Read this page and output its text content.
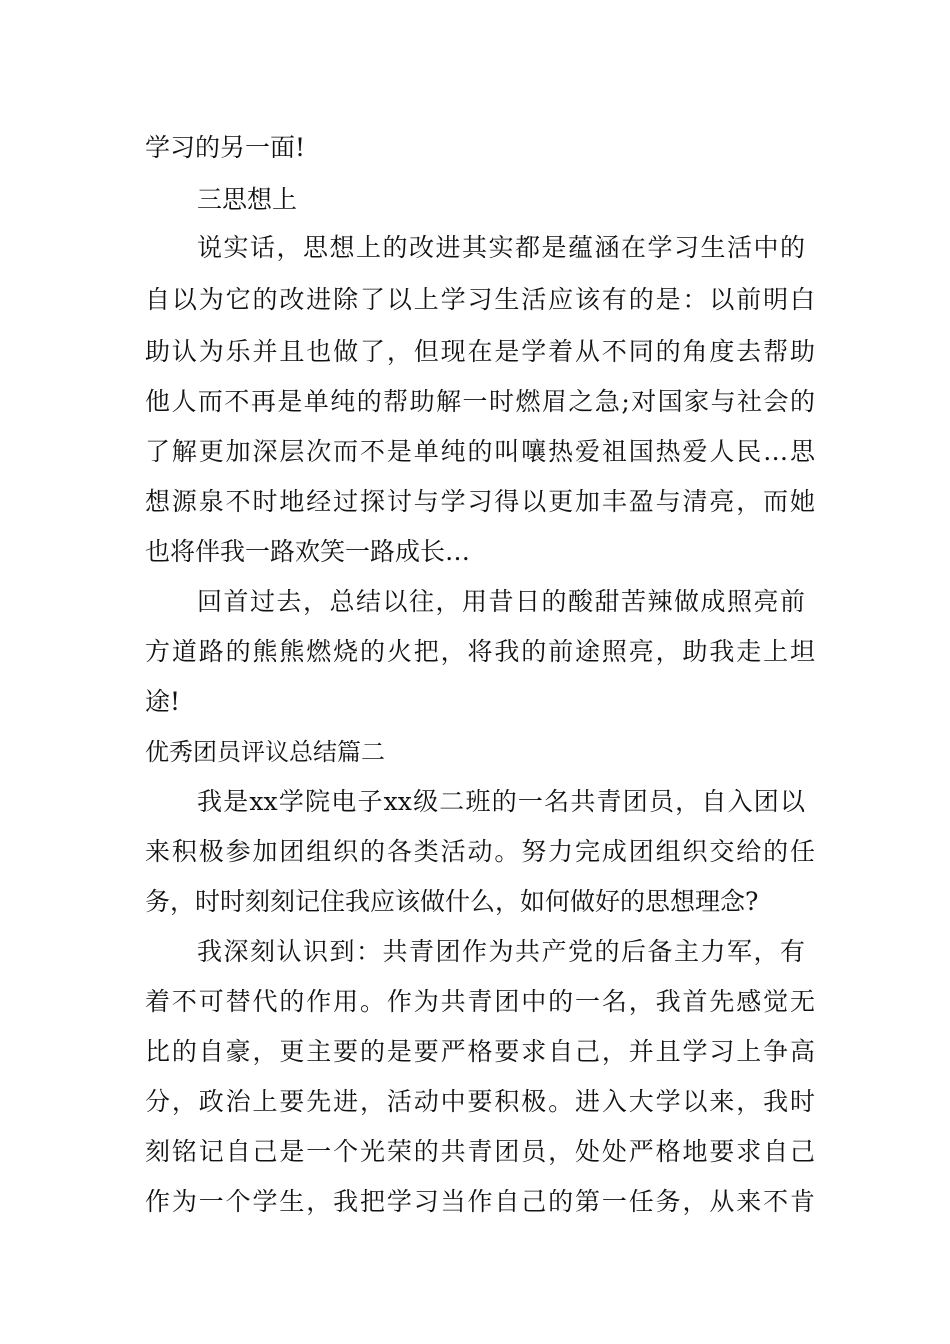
学习的另一面!
三思想上
说实话，思想上的改进其实都是蕴涵在学习生活中的
自以为它的改进除了以上学习生活应该有的是：以前明白
助认为乐并且也做了，但现在是学着从不同的角度去帮助
他人而不再是单纯的帮助解一时燃眉之急;对国家与社会的
了解更加深层次而不是单纯的叫嚷热爱祖国热爱人民…思
想源泉不时地经过探讨与学习得以更加丰盈与清亮，而她
也将伴我一路欢笑一路成长…
回首过去，总结以往，用昔日的酸甜苦辣做成照亮前
方道路的熊熊燃烧的火把，将我的前途照亮，助我走上坦
途!
优秀团员评议总结篇二
我是xx学院电子xx级二班的一名共青团员，自入团以
来积极参加团组织的各类活动。努力完成团组织交给的任
务，时时刻刻记住我应该做什么，如何做好的思想理念?
我深刻认识到：共青团作为共产党的后备主力军，有
着不可替代的作用。作为共青团中的一名，我首先感觉无
比的自豪，更主要的是要严格要求自己，并且学习上争高
分，政治上要先进，活动中要积极。进入大学以来，我时
刻铭记自己是一个光荣的共青团员，处处严格地要求自己
作为一个学生，我把学习当作自己的第一任务，从来不肯
